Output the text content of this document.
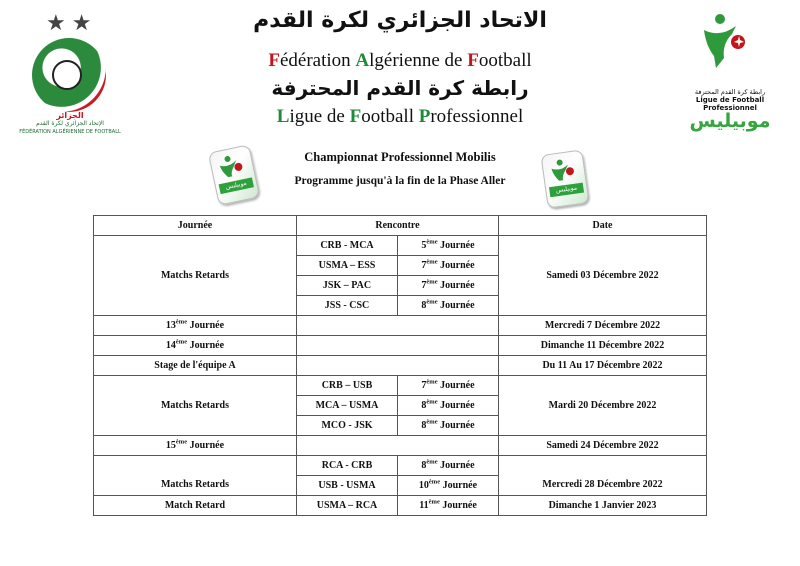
★★
الجزائر
الإتحاد الجزائري لكرة القدم
FÉDÉRATION ALGÉRIENNE DE FOOTBALL
رابطة كرة القدم المحترفة
Ligue de Football Professionnel
موبيليس
الاتحاد الجزائري لكرة القدم
Fédération Algérienne de Football
رابطة كرة القدم المحترفة
Ligue de Football Professionnel
موبيليس	موبيليس
Championnat Professionnel Mobilis
Programme jusqu'à la fin de la Phase Aller
Journée	Rencontre		Date
Matchs Retards	CRB - MCA	5ème Journée	Samedi 03 Décembre 2022
	USMA – ESS	7ème Journée	
	JSK – PAC	7ème Journée	
	JSS - CSC	8ème Journée	
13ème Journée			Mercredi 7 Décembre 2022
14ème Journée			Dimanche 11 Décembre 2022
Stage de l'équipe A			Du 11 Au 17 Décembre 2022
Matchs Retards	CRB – USB	7ème Journée	Mardi 20 Décembre 2022
	MCA – USMA	8ème Journée	
	MCO - JSK	8ème Journée	
15ème Journée			Samedi 24 Décembre 2022
Matchs Retards	RCA - CRB	8ème Journée	Mercredi 28 Décembre 2022
	USB - USMA	10ème Journée	
Match Retard	USMA – RCA	11ème Journée	Dimanche 1 Janvier 2023
